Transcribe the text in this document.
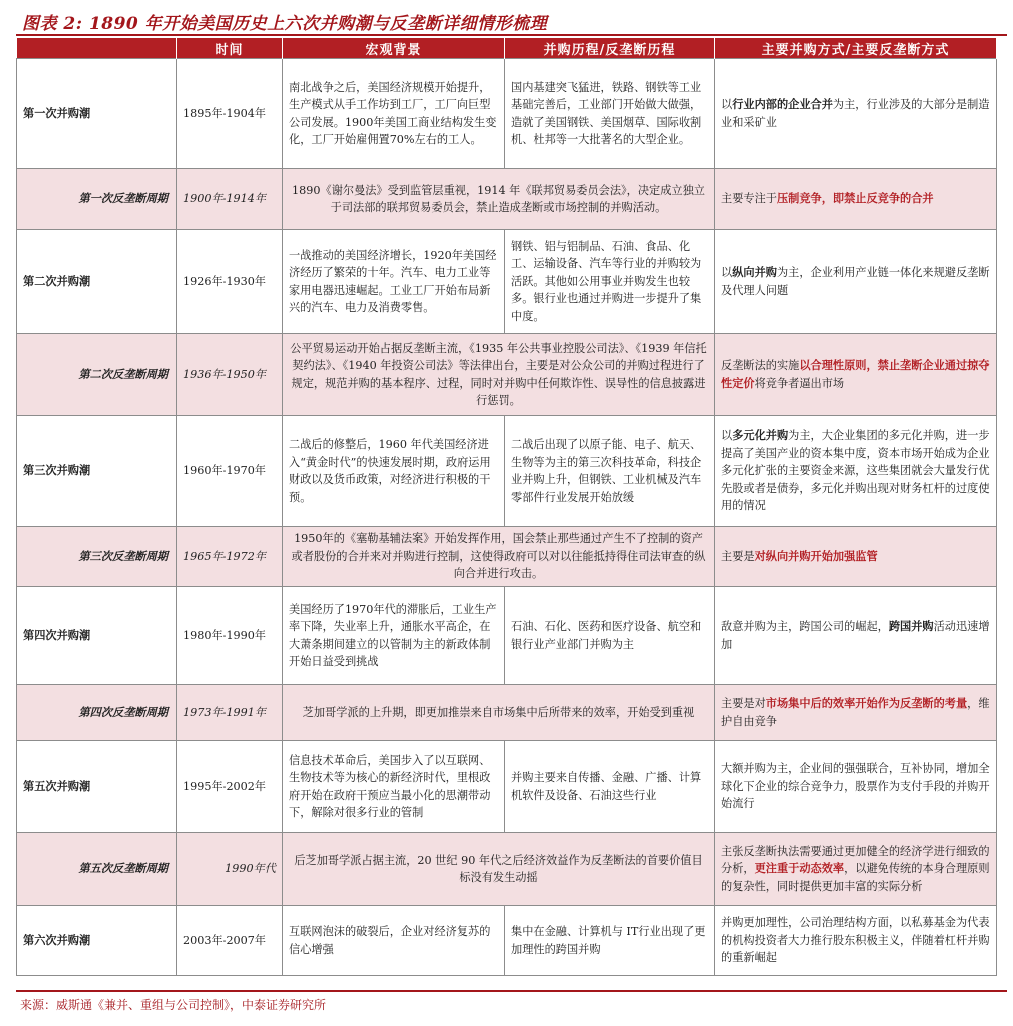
图表 2: 1890 年开始美国历史上六次并购潮与反垄断详细情形梳理
	时间	宏观背景	并购历程/反垄断历程	主要并购方式/主要反垄断方式
第一次并购潮	1895年-1904年	南北战争之后，美国经济规模开始提升，生产模式从手工作坊到工厂，工厂向巨型公司发展。1900年美国工商业结构发生变化，工厂开始雇佣置70%左右的工人。	国内基建突飞猛进，铁路、钢铁等工业基础完善后，工业部门开始做大做强，造就了美国钢铁、美国烟草、国际收割机、杜邦等一大批著名的大型企业。	以行业内部的企业合并为主，行业涉及的大部分是制造业和采矿业
第一次反垄断周期	1900年-1914年	1890《谢尔曼法》受到监管层重视，1914 年《联邦贸易委员会法》，决定成立独立于司法部的联邦贸易委员会，禁止造成垄断或市场控制的并购活动。		主要专注于压制竞争，即禁止反竞争的合并
第二次并购潮	1926年-1930年	一战推动的美国经济增长，1920年美国经济经历了繁荣的十年。汽车、电力工业等家用电器迅速崛起。工业工厂开始布局新兴的汽车、电力及消费零售。	钢铁、铝与铝制品、石油、食品、化工、运输设备、汽车等行业的并购较为活跃。其他如公用事业并购发生也较多。银行业也通过并购进一步提升了集中度。	以纵向并购为主，企业利用产业链一体化来规避反垄断及代理人问题
第二次反垄断周期	1936年-1950年	公平贸易运动开始占据反垄断主流，《1935 年公共事业控股公司法》、《1939 年信托契约法》、《1940 年投资公司法》等法律出台，主要是对公众公司的并购过程进行了规定，规范并购的基本程序、过程，同时对并购中任何欺诈性、误导性的信息披露进行惩罚。		反垄断法的实施以合理性原则，禁止垄断企业通过掠夺性定价将竞争者逼出市场
第三次并购潮	1960年-1970年	二战后的修整后，1960 年代美国经济进入“黄金时代”的快速发展时期，政府运用财政以及货币政策，对经济进行积极的干预。	二战后出现了以原子能、电子、航天、生物等为主的第三次科技革命，科技企业并购上升，但钢铁、工业机械及汽车零部件行业发展开始放缓	以多元化并购为主，大企业集团的多元化并购，进一步提高了美国产业的资本集中度，资本市场开始成为企业多元化扩张的主要资金来源，这些集团就会大量发行优先股或者是债券，多元化并购出现对财务杠杆的过度使用的情况
第三次反垄断周期	1965年-1972年	1950年的《塞勒基辅法案》开始发挥作用，国会禁止那些通过产生不了控制的资产或者股份的合并来对并购进行控制，这使得政府可以对以往能抵持得住司法审查的纵向合并进行攻击。		主要是对纵向并购开始加强监管
第四次并购潮	1980年-1990年	美国经历了1970年代的滞胀后，工业生产率下降，失业率上升，通胀水平高企，在大萧条期间建立的以管制为主的新政体制开始日益受到挑战	石油、石化、医药和医疗设备、航空和银行业产业部门并购为主	敌意并购为主，跨国公司的崛起，跨国并购活动迅速增加
第四次反垄断周期	1973年-1991年	芝加哥学派的上升期，即更加推崇来自市场集中后所带来的效率，开始受到重视		主要是对市场集中后的效率开始作为反垄断的考量，维护自由竞争
第五次并购潮	1995年-2002年	信息技术革命后，美国步入了以互联网、生物技术等为核心的新经济时代，里根政府开始在政府干预应当最小化的思潮带动下，解除对很多行业的管制	并购主要来自传播、金融、广播、计算机软件及设备、石油这些行业	大额并购为主，企业间的强强联合，互补协同，增加全球化下企业的综合竞争力，股票作为支付手段的并购开始流行
第五次反垄断周期	1990年代	后芝加哥学派占据主流，20 世纪 90 年代之后经济效益作为反垄断法的首要价值目标没有发生动摇		主张反垄断执法需要通过更加健全的经济学进行细致的分析，更注重于动态效率，以避免传统的本身合理原则的复杂性，同时提供更加丰富的实际分析
第六次并购潮	2003年-2007年	互联网泡沫的破裂后，企业对经济复苏的信心增强	集中在金融、计算机与 IT行业出现了更加理性的跨国并购	并购更加理性，公司治理结构方面，以私募基金为代表的机构投资者大力推行股东积极主义，伴随着杠杆并购的重新崛起
来源：威斯通《兼并、重组与公司控制》，中泰证券研究所
